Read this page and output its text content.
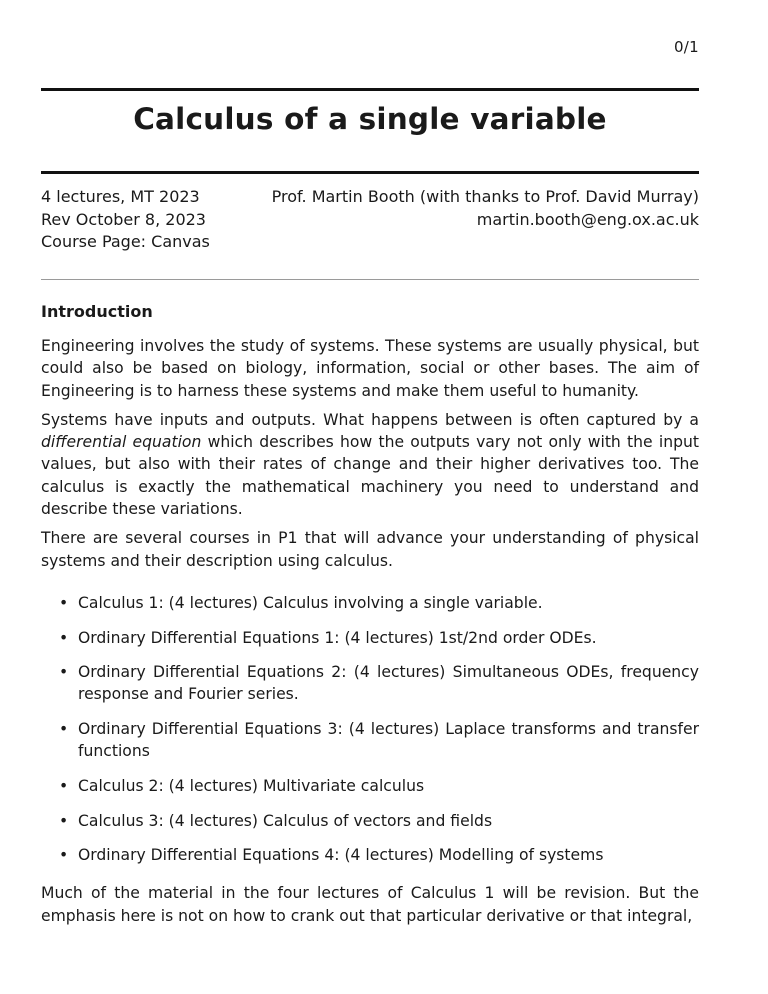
0/1
Calculus of a single variable
4 lectures, MT 2023
Rev October 8, 2023
Course Page: Canvas
Prof. Martin Booth (with thanks to Prof. David Murray)
martin.booth@eng.ox.ac.uk
Introduction

Engineering involves the study of systems. These systems are usually physical, but could also be based on biology, information, social or other bases. The aim of Engineering is to harness these systems and make them useful to humanity.

Systems have inputs and outputs. What happens between is often captured by a differential equation which describes how the outputs vary not only with the input values, but also with their rates of change and their higher derivatives too. The calculus is exactly the mathematical machinery you need to understand and describe these variations.

There are several courses in P1 that will advance your understanding of physical systems and their description using calculus.

• Calculus 1: (4 lectures) Calculus involving a single variable.
• Ordinary Differential Equations 1: (4 lectures) 1st/2nd order ODEs.
• Ordinary Differential Equations 2: (4 lectures) Simultaneous ODEs, frequency response and Fourier series.
• Ordinary Differential Equations 3: (4 lectures) Laplace transforms and transfer functions
• Calculus 2: (4 lectures) Multivariate calculus
• Calculus 3: (4 lectures) Calculus of vectors and fields
• Ordinary Differential Equations 4: (4 lectures) Modelling of systems

Much of the material in the four lectures of Calculus 1 will be revision. But the emphasis here is not on how to crank out that particular derivative or that integral,
